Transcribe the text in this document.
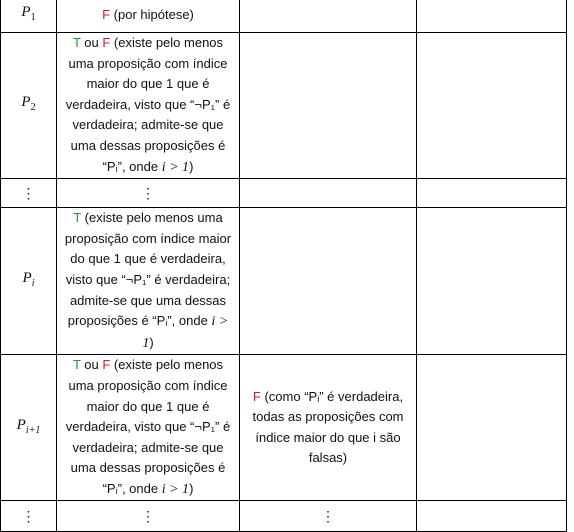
$P_1$	F (por hipótese)		
$P_2$	T ou F (existe pelo menos uma proposição com índice maior do que 1 que é verdadeira, visto que “¬P₁” é verdadeira; admite-se que uma dessas proposições é “Pᵢ”, onde i > 1)		
⋮	⋮		
$P_i$	T (existe pelo menos uma proposição com índice maior do que 1 que é verdadeira, visto que “¬P₁” é verdadeira; admite-se que uma dessas proposições é “Pᵢ”, onde i > 1)		
$P_{i+1}$	T ou F (existe pelo menos uma proposição com índice maior do que 1 que é verdadeira, visto que “¬P₁” é verdadeira; admite-se que uma dessas proposições é “Pᵢ”, onde i > 1)	F (como “Pᵢ” é verdadeira, todas as proposições com índice maior do que i são falsas)	
⋮	⋮	⋮	
